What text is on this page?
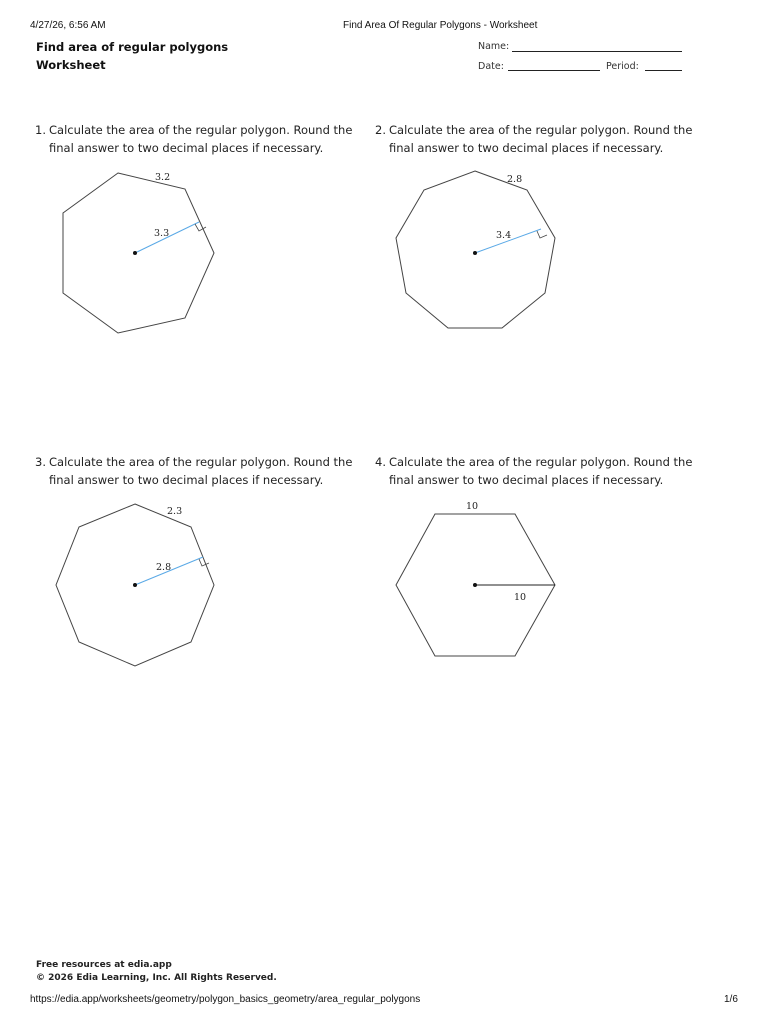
4/27/26, 6:56 AM	Find Area Of Regular Polygons - Worksheet
Find area of regular polygons
Worksheet
Name:
Date:	Period:
1. Calculate the area of the regular polygon. Round the
final answer to two decimal places if necessary.
3.2
3.3
2.8
3.4
2.3
2.8
10
10
2. Calculate the area of the regular polygon. Round the
final answer to two decimal places if necessary.
3. Calculate the area of the regular polygon. Round the
final answer to two decimal places if necessary.
4. Calculate the area of the regular polygon. Round the
final answer to two decimal places if necessary.
Free resources at edia.app
© 2026 Edia Learning, Inc. All Rights Reserved.
https://edia.app/worksheets/geometry/polygon_basics_geometry/area_regular_polygons	1/6
